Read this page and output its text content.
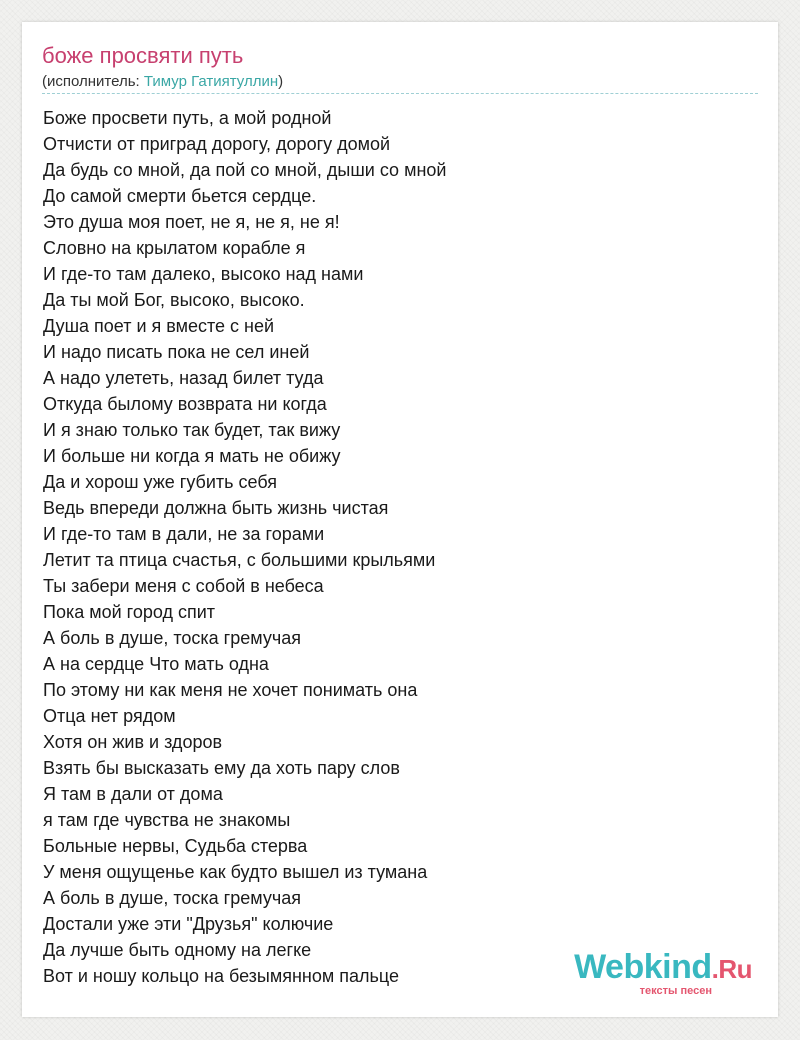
боже просвяти путь
(исполнитель: Тимур Гатиятуллин)
Боже просвети путь, а мой родной
Отчисти от приград дорогу, дорогу домой
Да будь со мной, да пой со мной, дыши со мной
До самой смерти бьется сердце.
Это душа моя поет, не я, не я, не я!
Словно на крылатом корабле я
И где-то там далеко, высоко над нами
Да ты мой Бог, высоко, высоко.
Душа поет и я вместе с ней
И надо писать пока не сел иней
А надо улететь, назад билет туда
Откуда былому возврата ни когда
И я знаю только так будет, так вижу
И больше ни когда я мать не обижу
Да и хорош уже губить себя
Ведь впереди должна быть жизнь чистая
И где-то там в дали, не за горами
Летит та птица счастья, с большими крыльями
Ты забери меня с собой в небеса
Пока мой город спит
А боль в душе, тоска гремучая
А на сердце Что мать одна
По этому ни как меня не хочет понимать она
Отца нет рядом
Хотя он жив и здоров
Взять бы высказать ему да хоть пару слов
Я там в дали от дома
я там где чувства не знакомы
Больные нервы, Судьба стерва
У меня ощущенье как будто вышел из тумана
А боль в душе, тоска гремучая
Достали уже эти "Друзья" колючие
Да лучше быть одному на легке
Вот и ношу кольцо на безымянном пальце	Webkind.Ru
тексты песен
